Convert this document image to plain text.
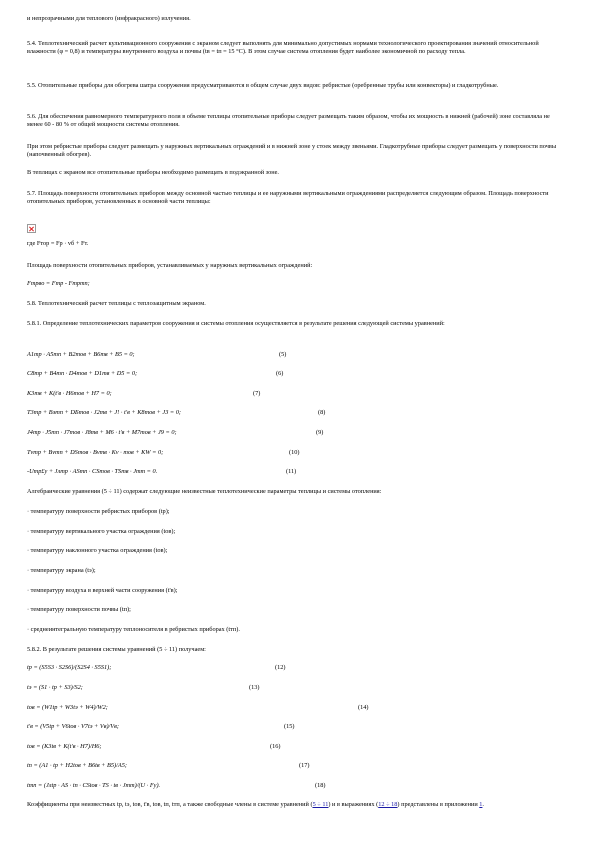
и непрозрачными для теплового (инфракрасного) излучения.
5.4. Теплотехнический расчет культивационного сооружения с экраном следует выполнять для минимально допустимых нормами технологического проектирования значений относительной влажности (φ = 0,8) и температуры внутреннего воздуха и почвы (tв = tп = 15 °С). В этом случае система отопления будет наиболее экономичной по расходу тепла.
5.5. Отопительные приборы для обогрева шатра сооружения предусматриваются в общем случае двух видов: ребристые (оребренные трубы или конвекторы) и гладкотрубные.
5.6. Для обеспечения равномерного температурного поля в объеме теплицы отопительные приборы следует размещать таким образом, чтобы их мощность в нижней (рабочей) зоне составляла не менее 60 - 80 % от общей мощности системы отопления.
При этом ребристые приборы следует размещать у наружных вертикальных ограждений и в нижней зоне у стоек между звеньями. Гладкотрубные приборы следует размещать у поверхности почвы (напочвенный обогрев).
В теплицах с экраном все отопительные приборы необходимо размещать в подэкранной зоне.
5.7. Площадь поверхности отопительных приборов между основной частью теплицы и ее наружными вертикальными ограждениями распределяется следующим образом. Площадь поверхности отопительных приборов, установленных в основной части теплицы:
где Fтор = Fр · vб + Fт.
Площадь поверхности отопительных приборов, устанавливаемых у наружных вертикальных ограждений:
Fтрво = Fтр - Fтртп;
5.8. Теплотехнический расчет теплицы с теплозащитным экраном.
5.8.1. Определение теплотехнических параметров сооружения и системы отопления осуществляется в результате решения следующей системы уравнений:
A1тр · A5тп + B2тов + B6тв + B5 = 0;	(5)
С8тр + B4тп · D4тов + D1тв + D5 = 0;	(6)
К3тв + К(t'в · H6тов + H7 = 0;	(7)
T3тр + Bэтп + DБтов · J2тв + J! · t'в + К8тов + J3 = 0;	(8)
J4тр · J5тп · J7тов · J8тв + M6 · t'в + M7тов + J9 = 0;	(9)
Tvтр + Bvтп + DSтов · Bvтв · Кv · тов + КW = 0;	(10)
-Uтр£у + Jлтр · AЅтп · CSтов · TSтв · Jтт = 0.	(11)
Алгебраические уравнения (5 ÷ 11) содержат следующие неизвестные теплотехнические параметры теплицы и системы отопления:
· температуру поверхности ребристых приборов (tр);
· температуру вертикального участка ограждения (tов);
· температуру наклонного участка ограждения (tов);
· температуру экрана (tэ);
· температуру воздуха в верхней части сооружения (t'в);
· температуру поверхности почвы (tп);
· среднеинтегральную температуру теплоносителя в ребристых приборах (tтп).
5.8.2. В результате решения системы уравнений (5 ÷ 11) получаем:
tр = (S5S3 · S2S6)/(S2S4 · S5S1);	(12)
tэ = (S1 · tр + S3)/S2;	(13)
tов = (W1tр + W3tэ + W4)/W2;	(14)
t'в = (V5tр + V6tов · V7tэ + Vв)/Vв;	(15)
tов = (К3tв + К(t'в · H7)/H6;	(16)
tп = (A1 · tр + H2tов + B6tв + B5)/A5;	(17)
tтп = (Jлtр · AS · tп · CStов · TS · tв · Jтт)/(U · Fу).	(18)
Коэффициенты при неизвестных tр, tэ, tов, t'в, tов, tп, tтп, а также свободные члены в системе уравнений (5 ÷ 11) и в выражениях (12 ÷ 18) представлены в приложении 1.
